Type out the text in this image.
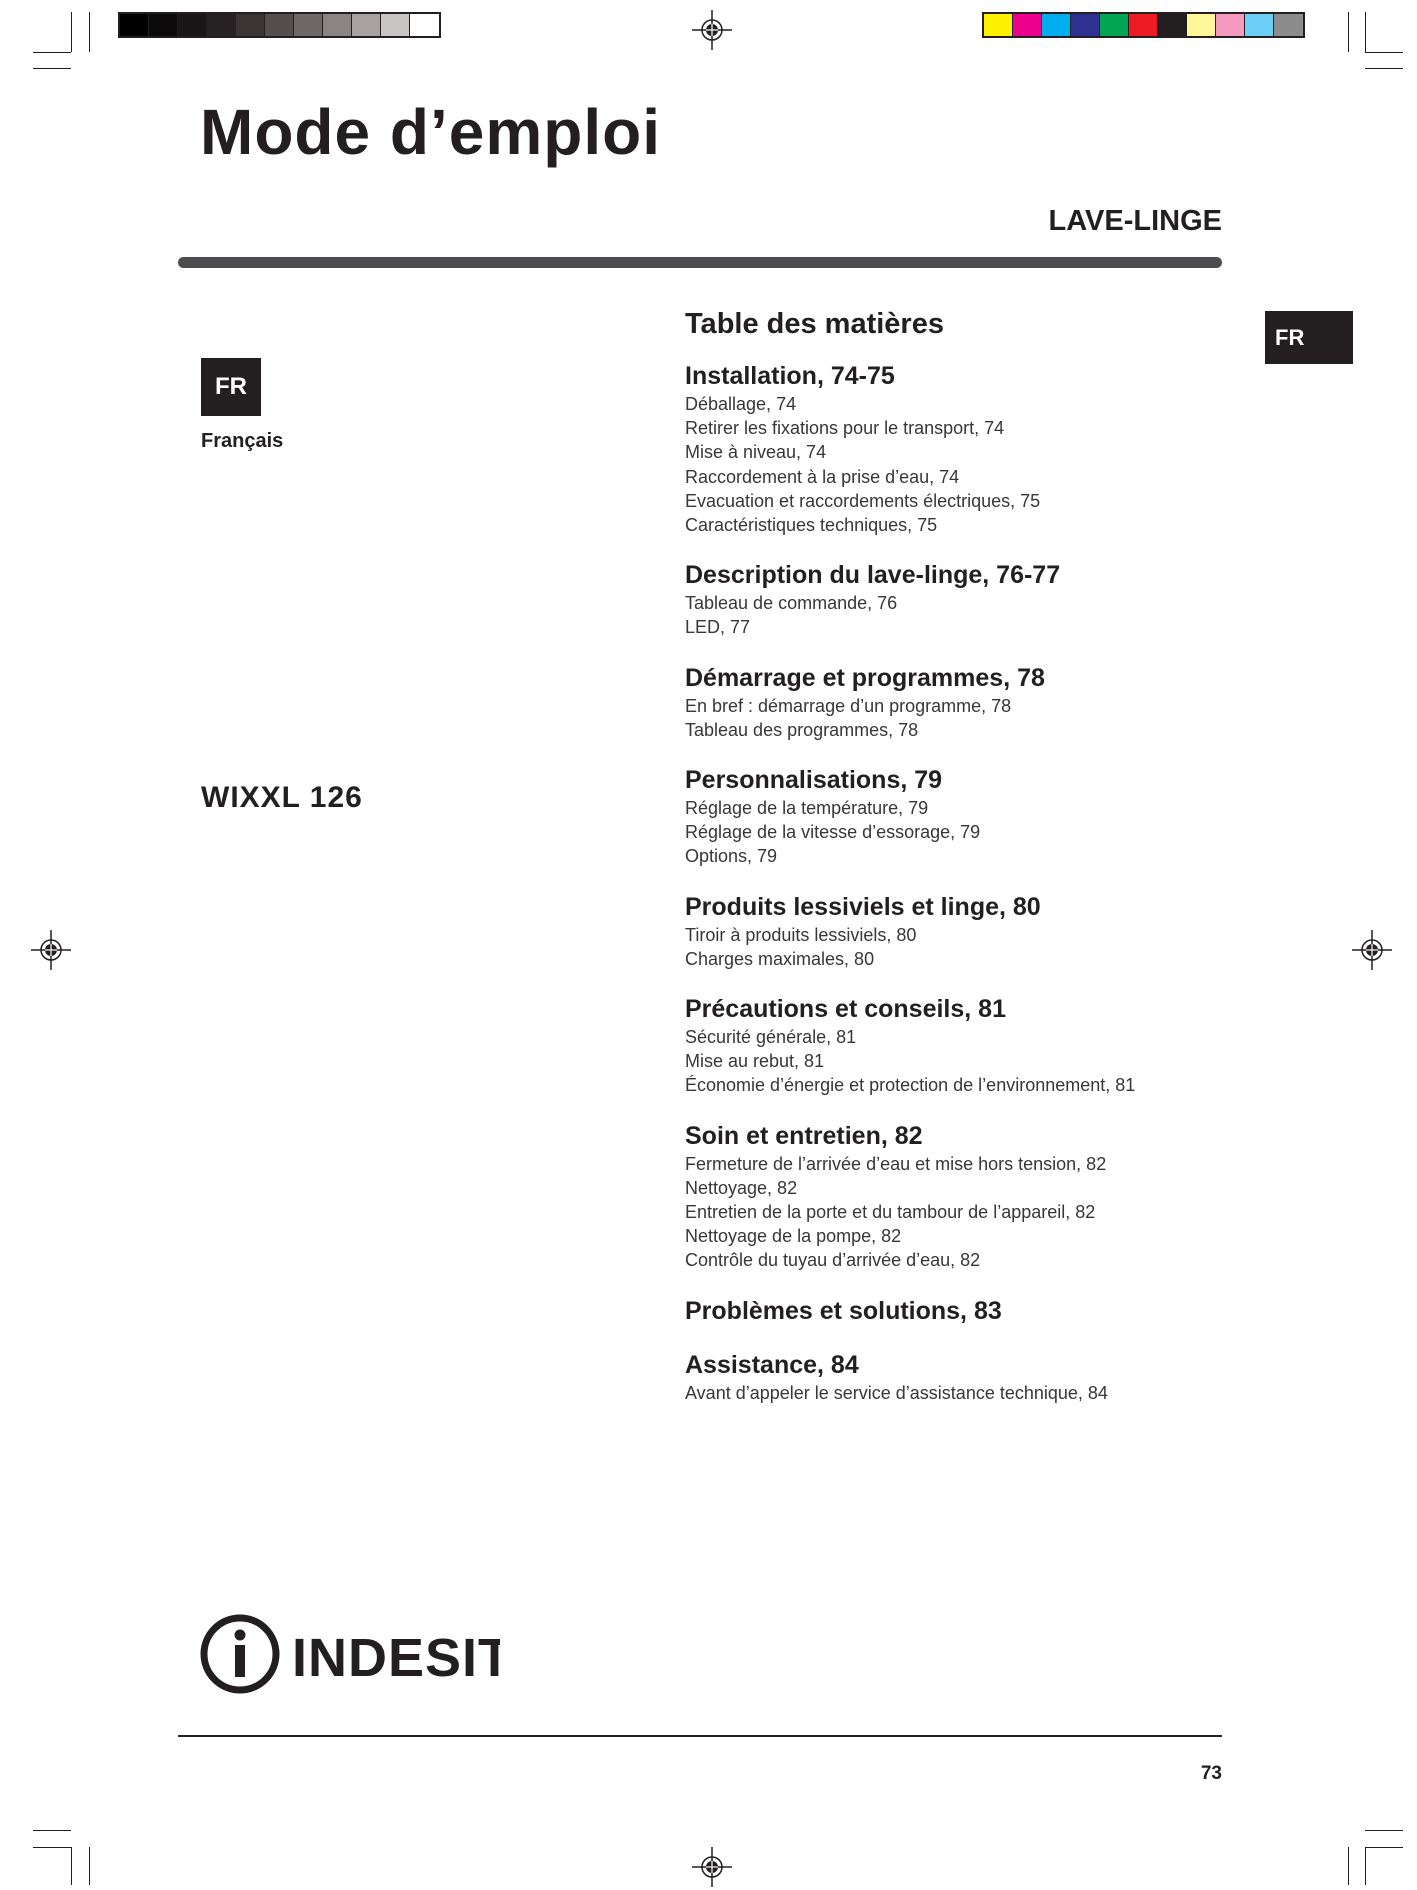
Mode d’emploi
LAVE-LINGE
FR
Français
FR
WIXXL 126
Table des matières
Installation, 74-75
Déballage, 74
Retirer les fixations pour le transport, 74
Mise à niveau, 74
Raccordement à la prise d’eau, 74
Evacuation et raccordements électriques, 75
Caractéristiques techniques, 75
Description du lave-linge, 76-77
Tableau de commande, 76
LED, 77
Démarrage et programmes, 78
En bref : démarrage d’un programme, 78
Tableau des programmes, 78
Personnalisations, 79
Réglage de la température, 79
Réglage de la vitesse d’essorage, 79
Options, 79
Produits lessiviels et linge, 80
Tiroir à produits lessiviels, 80
Charges maximales, 80
Précautions et conseils, 81
Sécurité générale, 81
Mise au rebut, 81
Économie d’énergie et protection de l’environnement, 81
Soin et entretien, 82
Fermeture de l’arrivée d’eau et mise hors tension, 82
Nettoyage, 82
Entretien de la porte et du tambour de l’appareil, 82
Nettoyage de la pompe, 82
Contrôle du tuyau d’arrivée d’eau, 82
Problèmes et solutions, 83
Assistance, 84
Avant d’appeler le service d’assistance technique, 84
INDESIT
73
